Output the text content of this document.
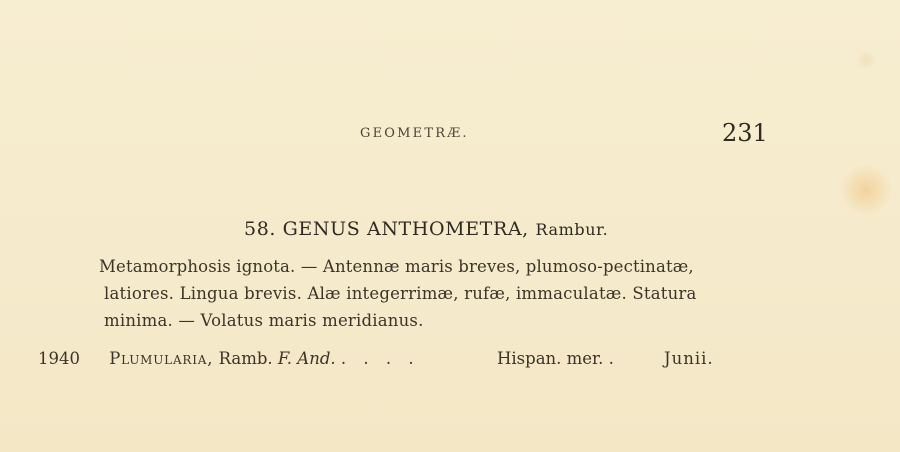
GEOMETRÆ.	231
58. GENUS ANTHOMETRA, Rambur.
Metamorphosis ignota. — Antennæ maris breves, plumoso-pectinatæ,
latiores. Lingua brevis. Alæ integerrimæ, rufæ, immaculatæ. Statura
minima. — Volatus maris meridianus.
1940 Plumularia, Ramb. F. And. . . . .	Hispan. mer. .	Junii.
